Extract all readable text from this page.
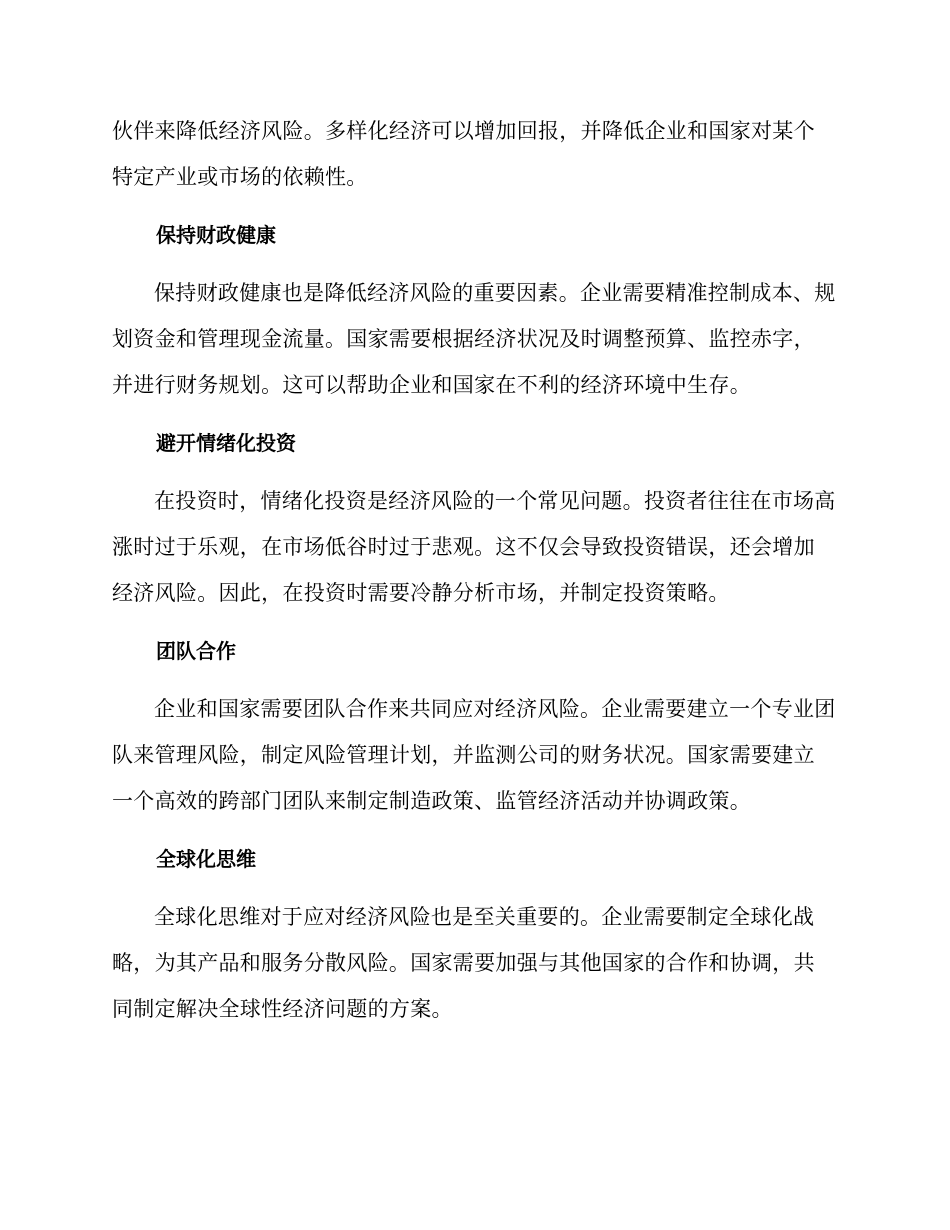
伙伴来降低经济风险。多样化经济可以增加回报，并降低企业和国家对某个特定产业或市场的依赖性。

保持财政健康

保持财政健康也是降低经济风险的重要因素。企业需要精准控制成本、规划资金和管理现金流量。国家需要根据经济状况及时调整预算、监控赤字，并进行财务规划。这可以帮助企业和国家在不利的经济环境中生存。

避开情绪化投资

在投资时，情绪化投资是经济风险的一个常见问题。投资者往往在市场高涨时过于乐观，在市场低谷时过于悲观。这不仅会导致投资错误，还会增加经济风险。因此，在投资时需要冷静分析市场，并制定投资策略。

团队合作

企业和国家需要团队合作来共同应对经济风险。企业需要建立一个专业团队来管理风险，制定风险管理计划，并监测公司的财务状况。国家需要建立一个高效的跨部门团队来制定制造政策、监管经济活动并协调政策。

全球化思维

全球化思维对于应对经济风险也是至关重要的。企业需要制定全球化战略，为其产品和服务分散风险。国家需要加强与其他国家的合作和协调，共同制定解决全球性经济问题的方案。
